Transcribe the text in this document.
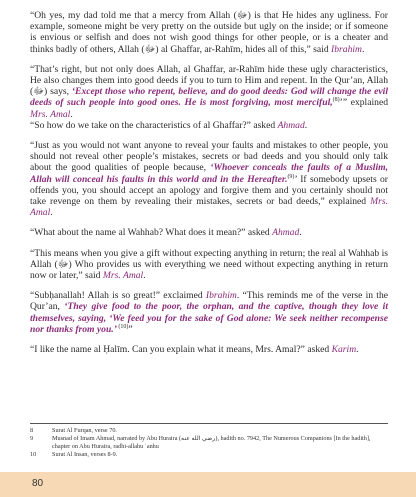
“Oh yes, my dad told me that a mercy from Allah (ﷻ) is that He hides any ugliness. For example, someone might be very pretty on the outside but ugly on the inside; or if someone is envious or selfish and does not wish good things for other people, or is a cheater and thinks badly of others, Allah (ﷻ) al Ghaffar, ar-Rahīm, hides all of this,” said Ibrahim.

“That’s right, but not only does Allah, al Ghaffar, ar-Rahīm hide these ugly characteristics, He also changes them into good deeds if you to turn to Him and repent. In the Qur’an, Allah (ﷻ) says, ‘Except those who repent, believe, and do good deeds: God will change the evil deeds of such people into good ones. He is most forgiving, most merciful,$^{(8)}$’” explained Mrs. Amal.

“So how do we take on the characteristics of al Ghaffar?” asked Ahmad.

“Just as you would not want anyone to reveal your faults and mistakes to other people, you should not reveal other people’s mistakes, secrets or bad deeds and you should only talk about the good qualities of people because, ‘Whoever conceals the faults of a Muslim, Allah will conceal his faults in this world and in the Hereafter.$^{(9)}$’ If somebody upsets or offends you, you should accept an apology and forgive them and you certainly should not take revenge on them by revealing their mistakes, secrets or bad deeds,” explained Mrs. Amal.

“What about the name al Wahhab? What does it mean?” asked Ahmad.

“This means when you give a gift without expecting anything in return; the real al Wahhab is Allah (ﷻ) Who provides us with everything we need without expecting anything in return now or later,” said Mrs. Amal.

“Subḥanallah! Allah is so great!” exclaimed Ibrahim. “This reminds me of the verse in the Qur’an, ‘They give food to the poor, the orphan, and the captive, though they love it themselves, saying, ‘We feed you for the sake of God alone: We seek neither recompense nor thanks from you.’ $^{(10)}$”

“I like the name al Ḥalīm. Can you explain what it means, Mrs. Amal?” asked Karim.

8	Surat Al Furqan, verse 70.
9	Musnad of Imam Ahmad, narrated by Abu Huraira (رضي الله عنه), hadith no. 7942, The Numerous Companions [In the hadith], chapter on Abu Huraira, radhi-allahu ʿanhu
10	Surat Al Insan, verses 8-9.
80
